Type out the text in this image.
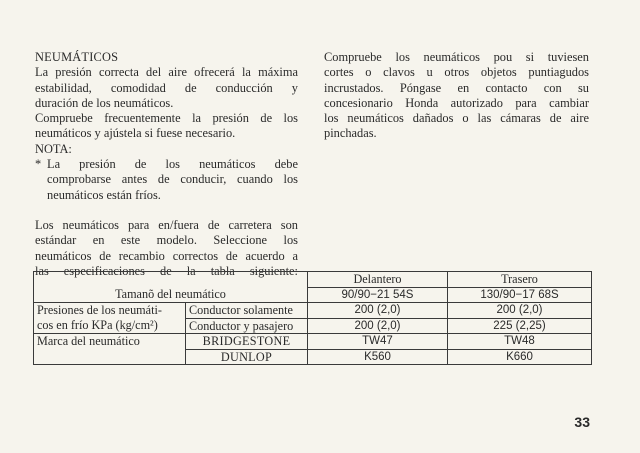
NEUMÁTICOS
La presión correcta del aire ofrecerá la máxima
estabilidad, comodidad de conducción y
duración de los neumáticos.
Compruebe frecuentemente la presión de los
neumáticos y ajústela si fuese necesario.
NOTA:
* La presión de los neumáticos debe
comprobarse antes de conducir, cuando los
neumáticos están fríos.
Los neumáticos para en/fuera de carretera son
estándar en este modelo. Seleccione los
neumáticos de recambio correctos de acuerdo a
las especificaciones de la tabla siguiente:
Compruebe los neumáticos pou si tuviesen
cortes o clavos u otros objetos puntiagudos
incrustados. Póngase en contacto con su
concesionario Honda autorizado para cambiar
los neumáticos dañados o las cámaras de aire
pinchadas.
		Delantero	Trasero
Tamanõ del neumático		90/90−21 54S	130/90−17 68S
Presiones de los neumáti-	Conductor solamente	200 (2,0)	200 (2,0)
cos en frío KPa (kg/cm²)	Conductor y pasajero	200 (2,0)	225 (2,25)
Marca del neumático	BRIDGESTONE	TW47	TW48
	DUNLOP	K560	K660
33
